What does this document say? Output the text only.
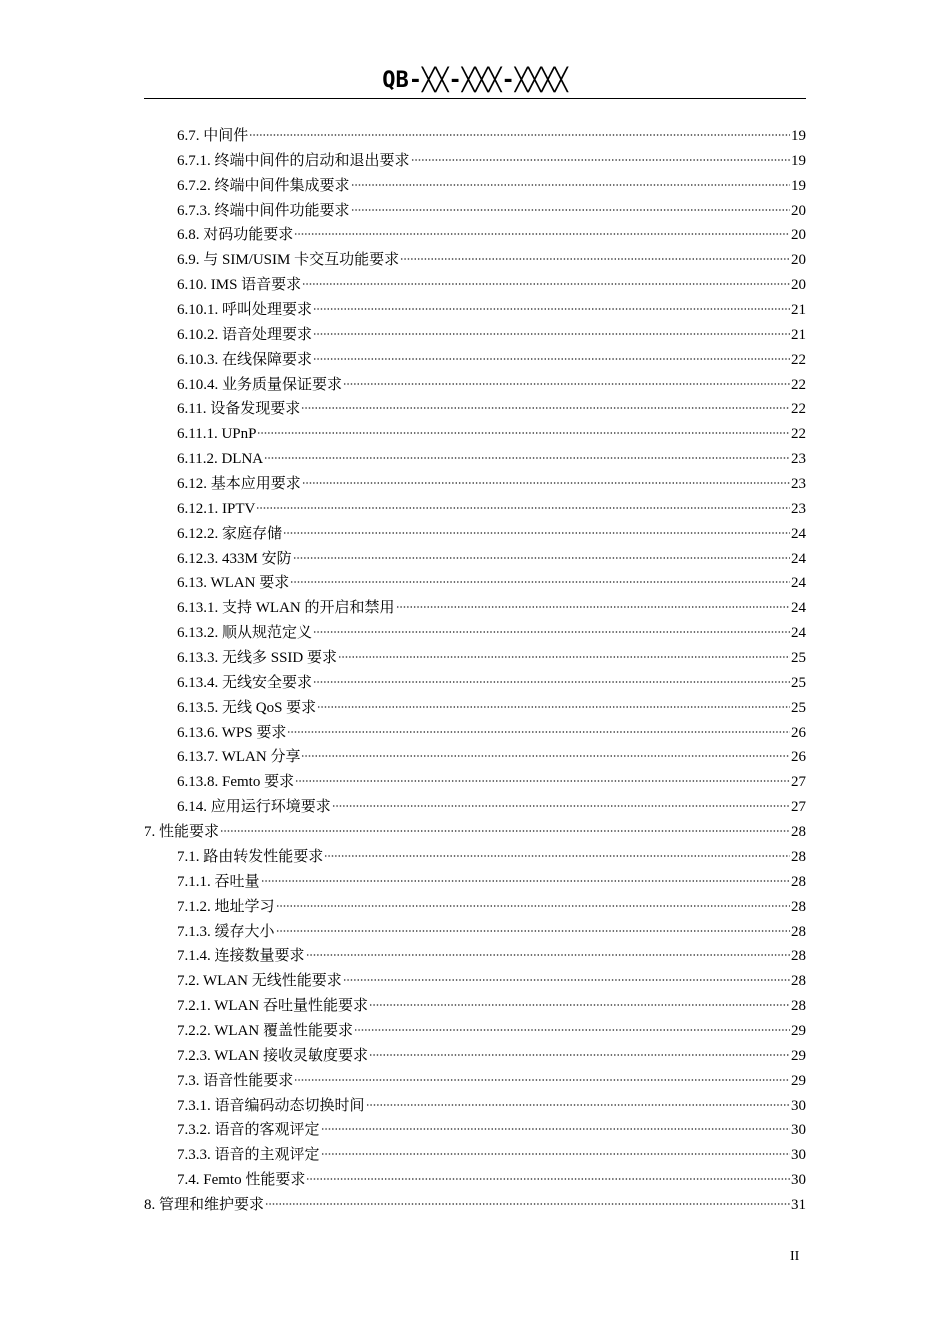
QB-╳╳-╳╳╳-╳╳╳╳
6.7. 中间件	19
6.7.1. 终端中间件的启动和退出要求	19
6.7.2. 终端中间件集成要求	19
6.7.3. 终端中间件功能要求	20
6.8. 对码功能要求	20
6.9. 与 SIM/USIM 卡交互功能要求	20
6.10. IMS 语音要求	20
6.10.1. 呼叫处理要求	21
6.10.2. 语音处理要求	21
6.10.3. 在线保障要求	22
6.10.4. 业务质量保证要求	22
6.11. 设备发现要求	22
6.11.1. UPnP	22
6.11.2. DLNA	23
6.12. 基本应用要求	23
6.12.1. IPTV	23
6.12.2. 家庭存储	24
6.12.3. 433M 安防	24
6.13. WLAN 要求	24
6.13.1. 支持 WLAN 的开启和禁用	24
6.13.2. 顺从规范定义	24
6.13.3. 无线多 SSID 要求	25
6.13.4. 无线安全要求	25
6.13.5. 无线 QoS 要求	25
6.13.6. WPS 要求	26
6.13.7. WLAN 分享	26
6.13.8. Femto 要求	27
6.14. 应用运行环境要求	27
7. 性能要求	28
7.1. 路由转发性能要求	28
7.1.1. 吞吐量	28
7.1.2. 地址学习	28
7.1.3. 缓存大小	28
7.1.4. 连接数量要求	28
7.2. WLAN 无线性能要求	28
7.2.1. WLAN 吞吐量性能要求	28
7.2.2. WLAN 覆盖性能要求	29
7.2.3. WLAN 接收灵敏度要求	29
7.3. 语音性能要求	29
7.3.1. 语音编码动态切换时间	30
7.3.2. 语音的客观评定	30
7.3.3. 语音的主观评定	30
7.4. Femto 性能要求	30
8. 管理和维护要求	31
II
